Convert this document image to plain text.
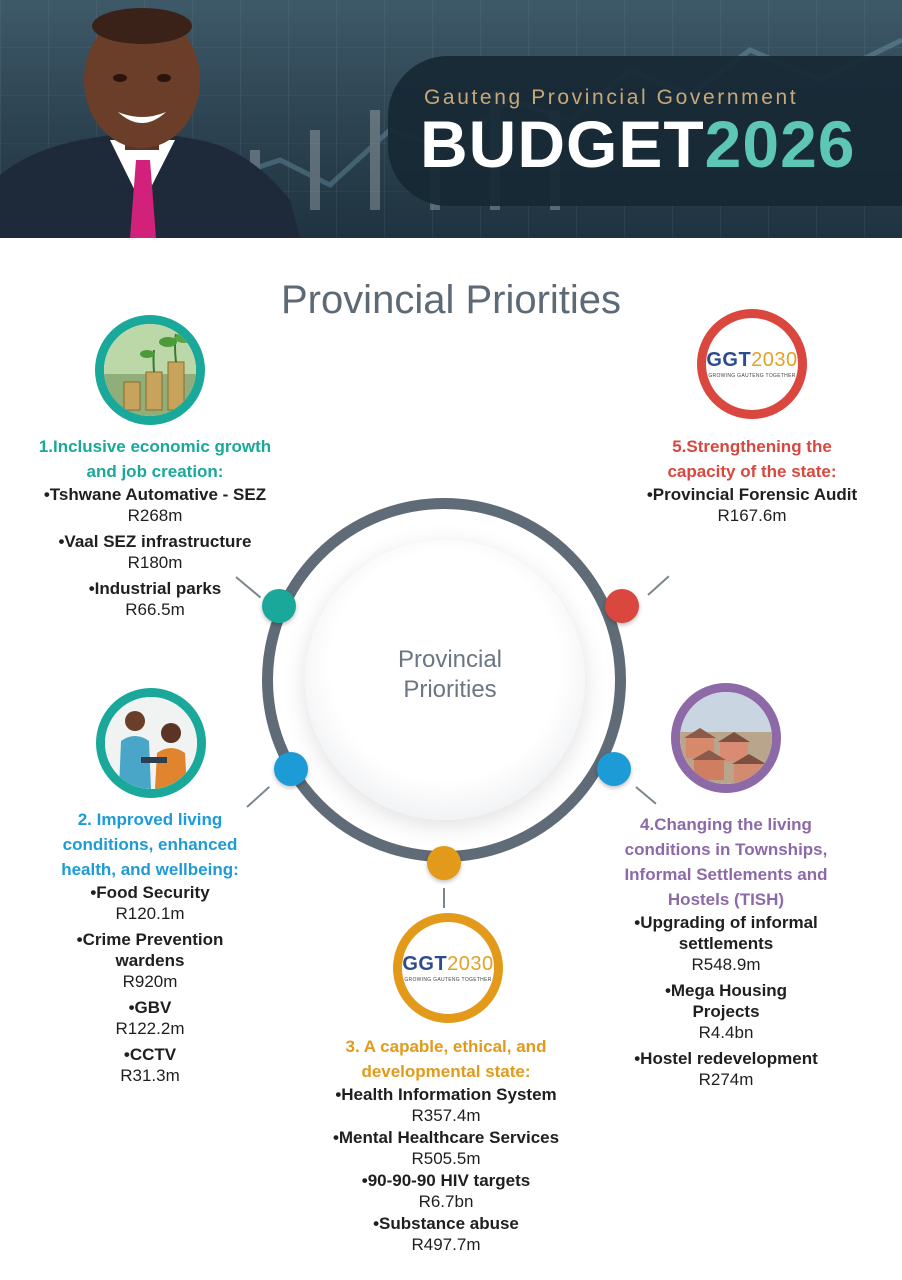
Gauteng Provincial Government
BUDGET2026
Provincial Priorities
Provincial
Priorities
GGT2030
GROWING GAUTENG TOGETHER
GGT2030
GROWING GAUTENG TOGETHER
1.Inclusive economic growth and job creation:
•Tshwane Automative - SEZ
R268m
•Vaal SEZ infrastructure
R180m
•Industrial parks
R66.5m
2. Improved living conditions, enhanced health, and wellbeing:
•Food Security
R120.1m
•Crime Prevention wardens
R920m
•GBV
R122.2m
•CCTV
R31.3m
3. A capable, ethical, and developmental state:
•Health Information System
R357.4m
•Mental Healthcare Services
R505.5m
•90-90-90 HIV targets
R6.7bn
•Substance abuse
R497.7m
4.Changing the living conditions in Townships, Informal Settlements and Hostels (TISH)
•Upgrading of informal settlements
R548.9m
•Mega Housing Projects
R4.4bn
•Hostel redevelopment
R274m
5.Strengthening the capacity of the state:
•Provincial Forensic Audit
R167.6m
